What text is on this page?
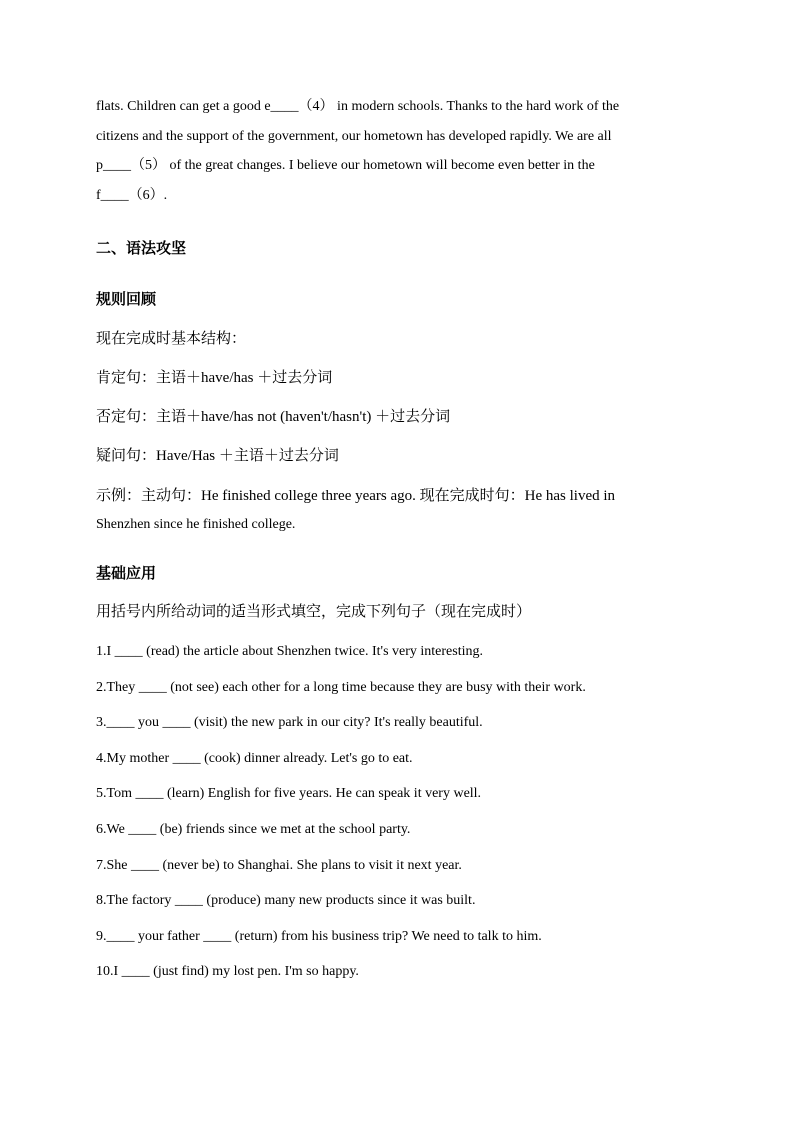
flats. Children can get a good e____（4） in modern schools. Thanks to the hard work of the
citizens and the support of the government, our hometown has developed rapidly. We are all
p____（5） of the great changes. I believe our hometown will become even better in the
f____（6）.
二、语法攻坚
规则回顾
现在完成时基本结构：
肯定句：主语＋have/has ＋过去分词
否定句：主语＋have/has not (haven't/hasn't) ＋过去分词
疑问句：Have/Has ＋主语＋过去分词
示例：主动句：He finished college three years ago. 现在完成时句：He has lived in
Shenzhen since he finished college.
基础应用
用括号内所给动词的适当形式填空，完成下列句子（现在完成时）
1.I ____ (read) the article about Shenzhen twice. It's very interesting.
2.They ____ (not see) each other for a long time because they are busy with their work.
3.____ you ____ (visit) the new park in our city? It's really beautiful.
4.My mother ____ (cook) dinner already. Let's go to eat.
5.Tom ____ (learn) English for five years. He can speak it very well.
6.We ____ (be) friends since we met at the school party.
7.She ____ (never be) to Shanghai. She plans to visit it next year.
8.The factory ____ (produce) many new products since it was built.
9.____ your father ____ (return) from his business trip? We need to talk to him.
10.I ____ (just find) my lost pen. I'm so happy.
